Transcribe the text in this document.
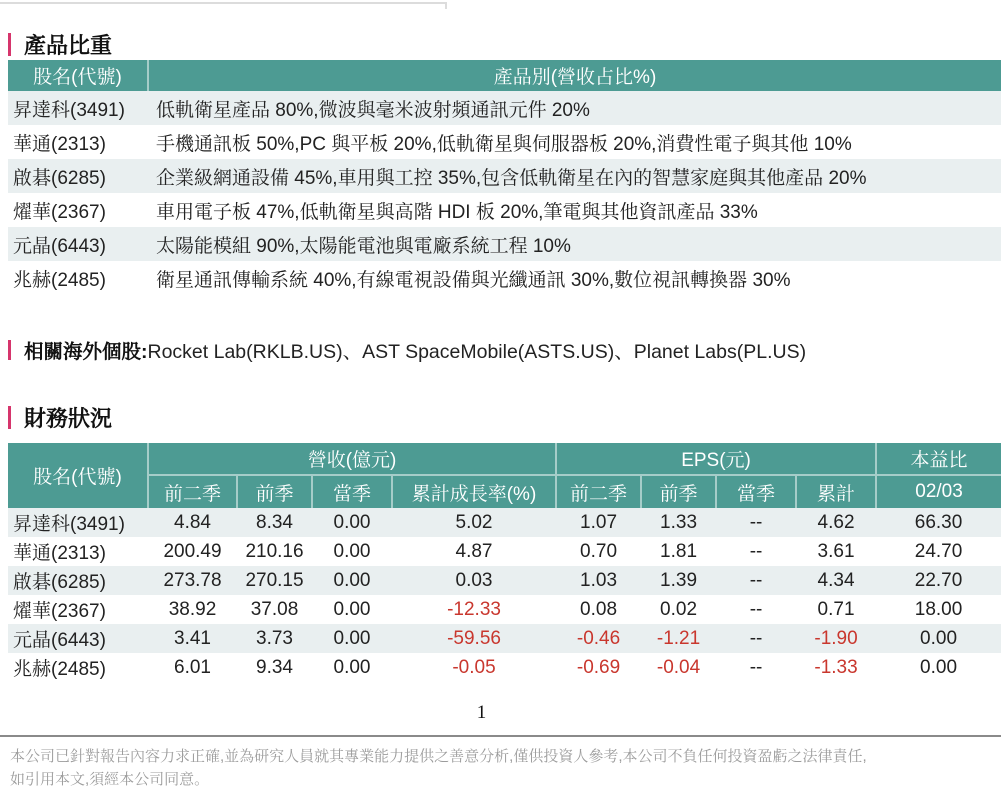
產品比重
股名(代號)	產品別(營收占比%)
昇達科(3491)	低軌衛星產品 80%,微波與毫米波射頻通訊元件 20%
華通(2313)	手機通訊板 50%,PC 與平板 20%,低軌衛星與伺服器板 20%,消費性電子與其他 10%
啟碁(6285)	企業級網通設備 45%,車用與工控 35%,包含低軌衛星在內的智慧家庭與其他產品 20%
燿華(2367)	車用電子板 47%,低軌衛星與高階 HDI 板 20%,筆電與其他資訊產品 33%
元晶(6443)	太陽能模組 90%,太陽能電池與電廠系統工程 10%
兆赫(2485)	衛星通訊傳輸系統 40%,有線電視設備與光纖通訊 30%,數位視訊轉換器 30%
相關海外個股: Rocket Lab(RKLB.US)、AST SpaceMobile(ASTS.US)、Planet Labs(PL.US)
財務狀況
股名(代號)	營收(億元)				EPS(元)				本益比
	前二季	前季	當季	累計成長率(%)	前二季	前季	當季	累計	02/03
昇達科(3491)	4.84	8.34	0.00	5.02	1.07	1.33	--	4.62	66.30
華通(2313)	200.49	210.16	0.00	4.87	0.70	1.81	--	3.61	24.70
啟碁(6285)	273.78	270.15	0.00	0.03	1.03	1.39	--	4.34	22.70
燿華(2367)	38.92	37.08	0.00	-12.33	0.08	0.02	--	0.71	18.00
元晶(6443)	3.41	3.73	0.00	-59.56	-0.46	-1.21	--	-1.90	0.00
兆赫(2485)	6.01	9.34	0.00	-0.05	-0.69	-0.04	--	-1.33	0.00
1
本公司已針對報告內容力求正確,並為研究人員就其專業能力提供之善意分析,僅供投資人參考,本公司不負任何投資盈虧之法律責任,
如引用本文,須經本公司同意。
